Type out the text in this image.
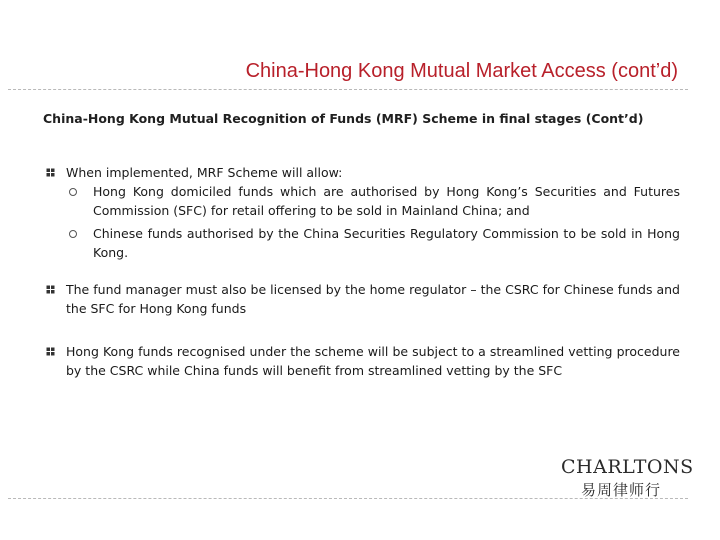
China-Hong Kong Mutual Market Access (cont’d)
China-Hong Kong Mutual Recognition of Funds (MRF) Scheme in final stages (Cont’d)
When implemented, MRF Scheme will allow:
Hong Kong domiciled funds which are authorised by Hong Kong’s Securities and Futures Commission (SFC) for retail offering to be sold in Mainland China; and
Chinese funds authorised by the China Securities Regulatory Commission to be sold in Hong Kong.
The fund manager must also be licensed by the home regulator – the CSRC for Chinese funds and the SFC for Hong Kong funds
Hong Kong funds recognised under the scheme will be subject to a streamlined vetting procedure by the CSRC while China funds will benefit from streamlined vetting by the SFC
CHARLTONS
易周律师行
